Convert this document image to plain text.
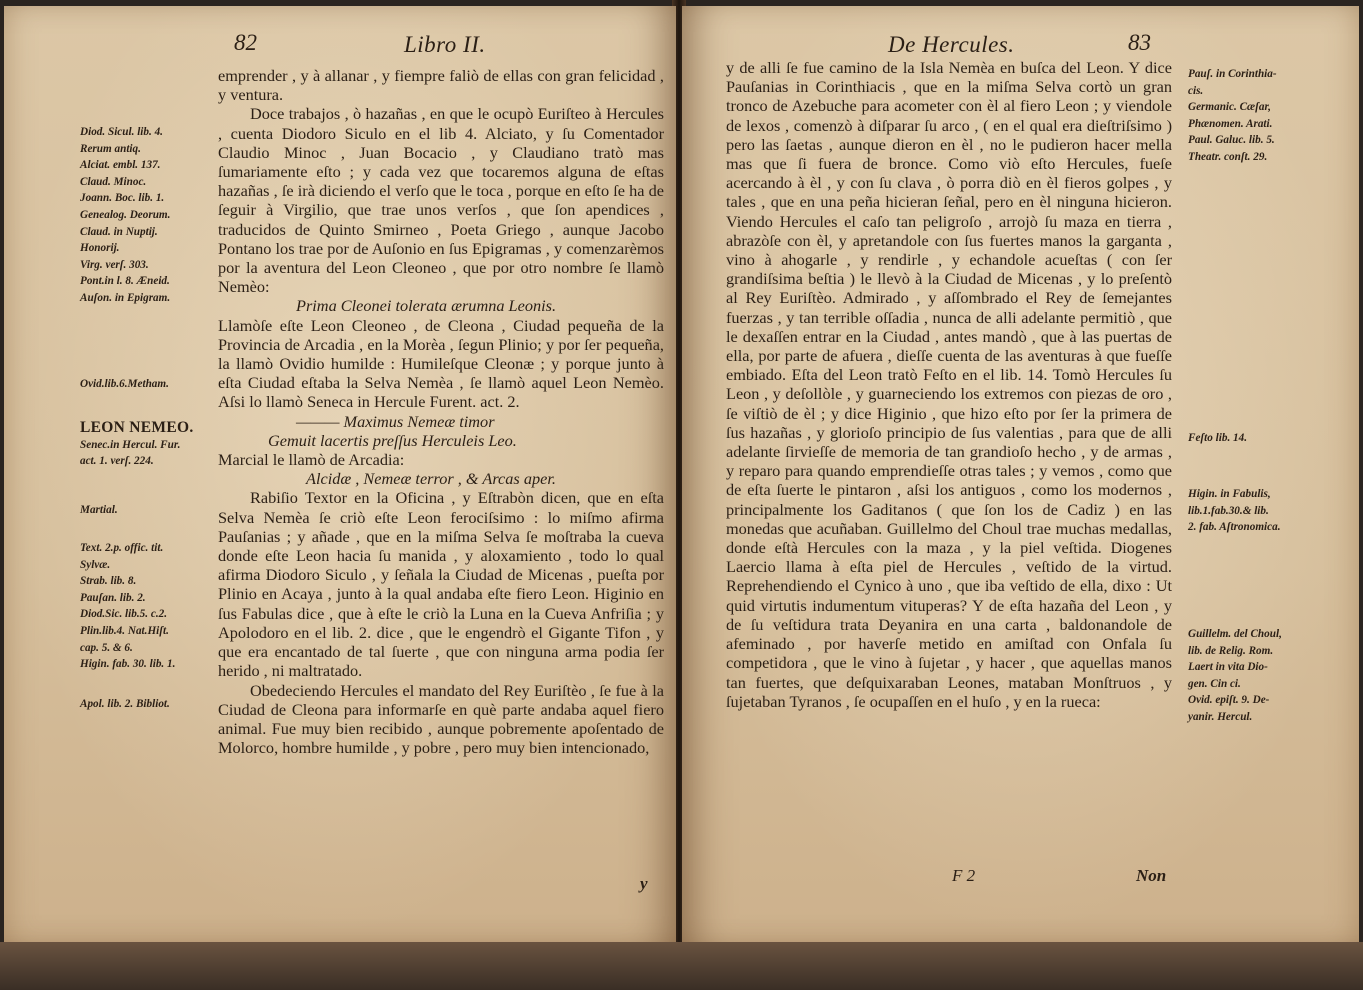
82	Libro II.
Diod. Sicul. lib. 4.
Rerum antiq.
Alciat. embl. 137.
Claud. Minoc.
Joann. Boc. lib. 1.
Genealog. Deorum.
Claud. in Nuptij.
Honorij.
Virg. verſ. 303.
Pont.in l. 8. Æneid.
Auſon. in Epigram.
Ovid.lib.6.Metham.
LEON NEMEO.
Senec.in Hercul. Fur.
act. 1. verſ. 224.
Martial.
Text. 2.p. offic. tit.
Sylvæ.
Strab. lib. 8.
Pauſan. lib. 2.
Diod.Sic. lib.5. c.2.
Plin.lib.4. Nat.Hiſt.
cap. 5. & 6.
Higin. fab. 30. lib. 1.
Apol. lib. 2. Bibliot.

emprender , y à allanar , y fiempre faliò de ellas con gran felicidad , y ventura.

Doce trabajos , ò hazañas , en que le ocupò Euriſteo à Hercules , cuenta Diodoro Siculo en el lib 4. Alciato, y ſu Comentador Claudio Minoc , Juan Bocacio , y Claudiano tratò mas ſumariamente eſto ; y cada vez que tocaremos alguna de eſtas hazañas , ſe irà diciendo el verſo que le toca , porque en eſto ſe ha de ſeguir à Virgilio, que trae unos verſos , que ſon apendices , traducidos de Quinto Smirneo , Poeta Griego , aunque Jacobo Pontano los trae por de Auſonio en ſus Epigramas , y comenzarèmos por la aventura del Leon Cleoneo , que por otro nombre ſe llamò Nemèo:

Prima Cleonei tolerata ærumna Leonis.

Llamòſe eſte Leon Cleoneo , de Cleona , Ciudad pequeña de la Provincia de Arcadia , en la Morèa , ſegun Plinio; y por ſer pequeña, la llamò Ovidio humilde : Humileſque Cleonæ ; y porque junto à eſta Ciudad eſtaba la Selva Nemèa , ſe llamò aquel Leon Nemèo. Aſsi lo llamò Seneca in Hercule Furent. act. 2.

——— Maximus Nemeæ timor

Gemuit lacertis preſſus Herculeis Leo.

Marcial le llamò de Arcadia:

Alcidæ , Nemeæ terror , & Arcas aper.

Rabiſio Textor en la Oficina , y Eſtrabòn dicen, que en eſta Selva Nemèa ſe criò eſte Leon ferociſsimo : lo miſmo afirma Pauſanias ; y añade , que en la miſma Selva ſe moſtraba la cueva donde eſte Leon hacia ſu manida , y aloxamiento , todo lo qual afirma Diodoro Siculo , y ſeñala la Ciudad de Micenas , pueſta por Plinio en Acaya , junto à la qual andaba eſte fiero Leon. Higinio en ſus Fabulas dice , que à eſte le criò la Luna en la Cueva Anfriſia ; y Apolodoro en el lib. 2. dice , que le engendrò el Gigante Tifon , y que era encantado de tal ſuerte , que con ninguna arma podia ſer herido , ni maltratado.

Obedeciendo Hercules el mandato del Rey Euriſtèo , ſe fue à la Ciudad de Cleona para informarſe en què parte andaba aquel fiero animal. Fue muy bien recibido , aunque pobremente apoſentado de Molorco, hombre humilde , y pobre , pero muy bien intencionado,

y
De Hercules.	83

y de alli ſe fue camino de la Isla Nemèa en buſca del Leon. Y dice Pauſanias in Corinthiacis , que en la miſma Selva cortò un gran tronco de Azebuche para acometer con èl al fiero Leon ; y viendole de lexos , comenzò à diſparar ſu arco , ( en el qual era dieſtriſsimo ) pero las ſaetas , aunque dieron en èl , no le pudieron hacer mella mas que ſi fuera de bronce. Como viò eſto Hercules, fueſe acercando à èl , y con ſu clava , ò porra diò en èl fieros golpes , y tales , que en una peña hicieran ſeñal, pero en èl ninguna hicieron. Viendo Hercules el caſo tan peligroſo , arrojò ſu maza en tierra , abrazòſe con èl, y apretandole con ſus fuertes manos la garganta , vino à ahogarle , y rendirle , y echandole acueſtas ( con ſer grandiſsima beſtia ) le llevò à la Ciudad de Micenas , y lo preſentò al Rey Euriſtèo. Admirado , y aſſombrado el Rey de ſemejantes fuerzas , y tan terrible oſſadia , nunca de alli adelante permitiò , que le dexaſſen entrar en la Ciudad , antes mandò , que à las puertas de ella, por parte de afuera , dieſſe cuenta de las aventuras à que fueſſe embiado. Eſta del Leon tratò Feſto en el lib. 14. Tomò Hercules ſu Leon , y deſollòle , y guarneciendo los extremos con piezas de oro , ſe viſtiò de èl ; y dice Higinio , que hizo eſto por ſer la primera de ſus hazañas , y glorioſo principio de ſus valentias , para que de alli adelante ſirvieſſe de memoria de tan grandioſo hecho , y de armas , y reparo para quando emprendieſſe otras tales ; y vemos , como que de eſta ſuerte le pintaron , aſsi los antiguos , como los modernos , principalmente los Gaditanos ( que ſon los de Cadiz ) en las monedas que acuñaban. Guillelmo del Choul trae muchas medallas, donde eſtà Hercules con la maza , y la piel veſtida. Diogenes Laercio llama à eſta piel de Hercules , veſtido de la virtud. Reprehendiendo el Cynico à uno , que iba veſtido de ella, dixo : Ut quid virtutis indumentum vituperas? Y de eſta hazaña del Leon , y de ſu veſtidura trata Deyanira en una carta , baldonandole de afeminado , por haverſe metido en amiſtad con Onfala ſu competidora , que le vino à ſujetar , y hacer , que aquellas manos tan fuertes, que deſquixaraban Leones, mataban Monſtruos , y ſujetaban Tyranos , ſe ocupaſſen en el huſo , y en la rueca:

Pauſ. in Corinthia-
cis.
Germanic. Cæſar,
Phænomen. Arati.
Paul. Galuc. lib. 5.
Theatr. conſt. 29.
Feſto lib. 14.
Higin. in Fabulis,
lib.1.fab.30.& lib.
2. fab. Aſtronomica.
Guillelm. del Choul,
lib. de Relig. Rom.
Laert in vita Dio-
gen. Cin ci.
Ovid. epiſt. 9. De-
yanir. Hercul.
F 2	Non
